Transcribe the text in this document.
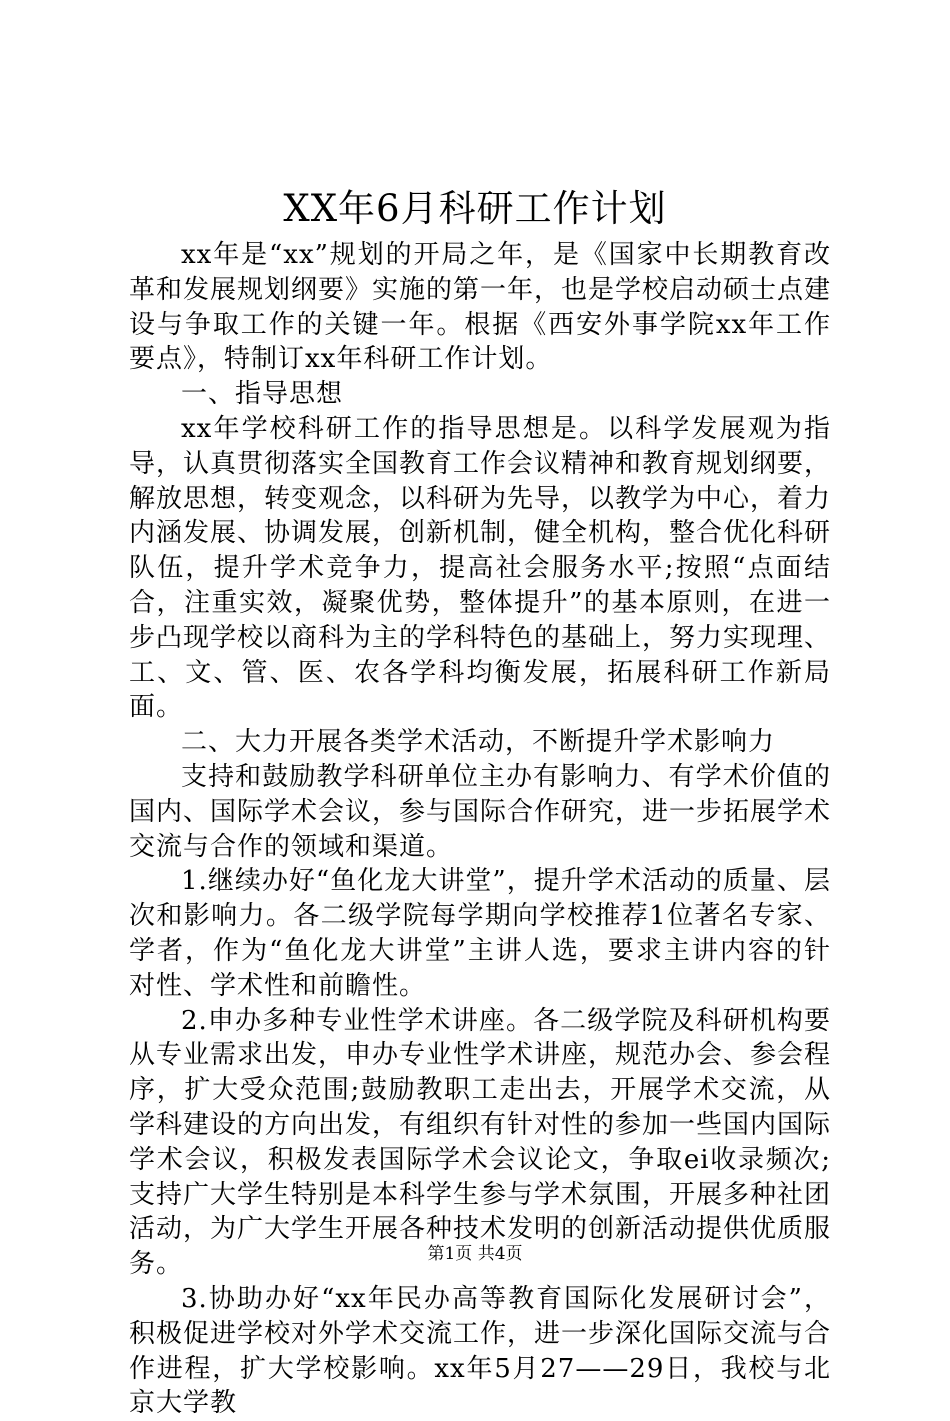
XX年6月科研工作计划

xx年是“xx”规划的开局之年，是《国家中长期教育改革和发展规划纲要》实施的第一年，也是学校启动硕士点建设与争取工作的关键一年。根据《西安外事学院xx年工作要点》，特制订xx年科研工作计划。

一、指导思想

xx年学校科研工作的指导思想是。以科学发展观为指导，认真贯彻落实全国教育工作会议精神和教育规划纲要，解放思想，转变观念，以科研为先导，以教学为中心，着力内涵发展、协调发展，创新机制，健全机构，整合优化科研队伍，提升学术竞争力，提高社会服务水平;按照“点面结合，注重实效，凝聚优势，整体提升”的基本原则，在进一步凸现学校以商科为主的学科特色的基础上，努力实现理、工、文、管、医、农各学科均衡发展，拓展科研工作新局面。

二、大力开展各类学术活动，不断提升学术影响力

支持和鼓励教学科研单位主办有影响力、有学术价值的国内、国际学术会议，参与国际合作研究，进一步拓展学术交流与合作的领域和渠道。

1.继续办好“鱼化龙大讲堂”，提升学术活动的质量、层次和影响力。各二级学院每学期向学校推荐1位著名专家、学者，作为“鱼化龙大讲堂”主讲人选，要求主讲内容的针对性、学术性和前瞻性。

2.申办多种专业性学术讲座。各二级学院及科研机构要从专业需求出发，申办专业性学术讲座，规范办会、参会程序，扩大受众范围;鼓励教职工走出去，开展学术交流，从学科建设的方向出发，有组织有针对性的参加一些国内国际学术会议，积极发表国际学术会议论文，争取ei收录频次;支持广大学生特别是本科学生参与学术氛围，开展多种社团活动，为广大学生开展各种技术发明的创新活动提供优质服务。

3.协助办好“xx年民办高等教育国际化发展研讨会”，积极促进学校对外学术交流工作，进一步深化国际交流与合作进程，扩大学校影响。xx年5月27——29日，我校与北京大学教

第1页 共4页
